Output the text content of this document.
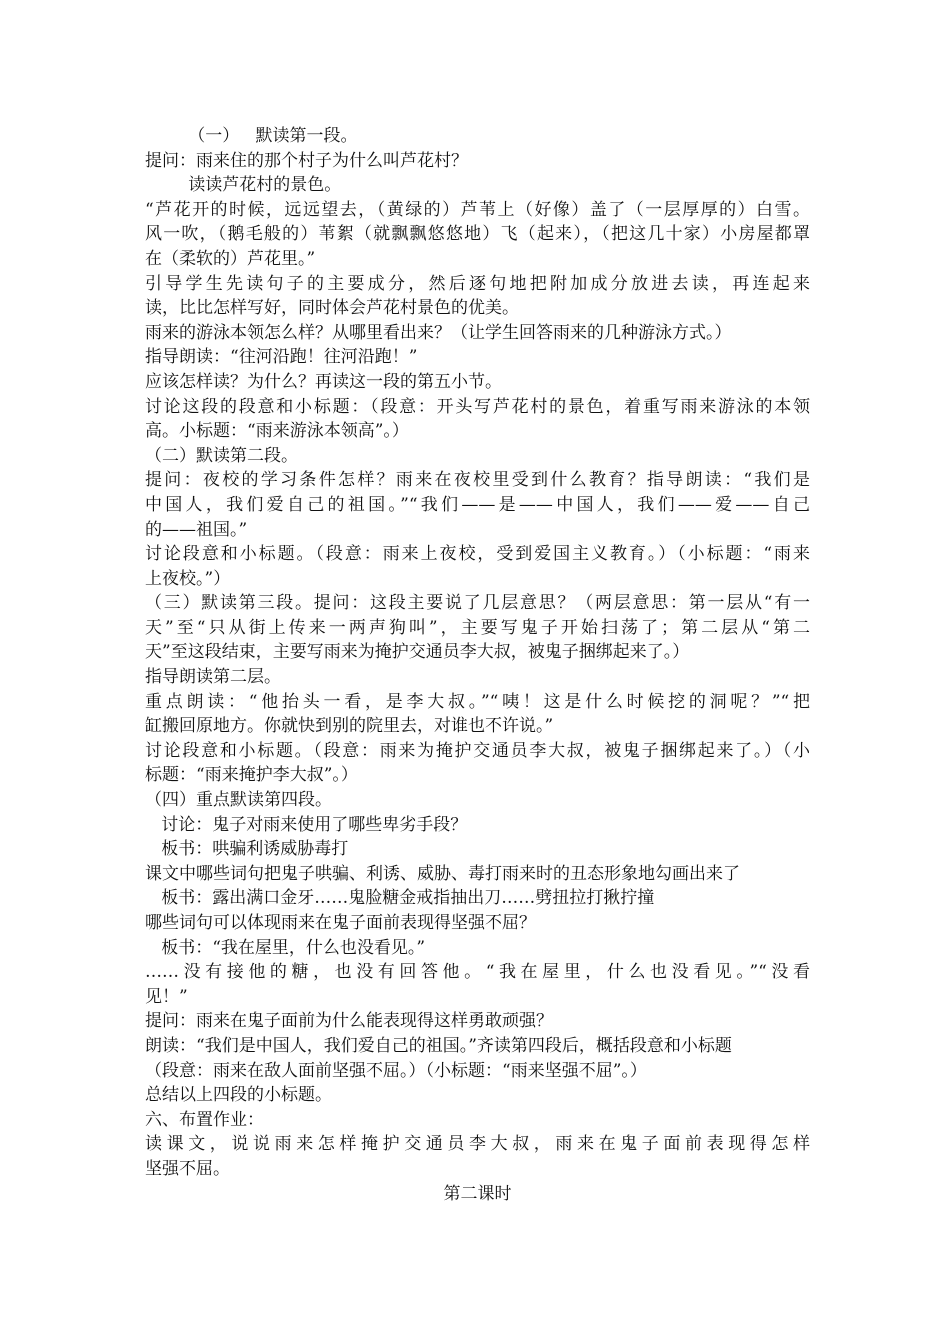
（一）   默读第一段。
提问：雨来住的那个村子为什么叫芦花村？
读读芦花村的景色。
“芦花开的时候，远远望去，（黄绿的）芦苇上（好像）盖了（一层厚厚的）白雪。
风一吹，（鹅毛般的）苇絮（就飘飘悠悠地）飞（起来），（把这几十家）小房屋都罩
在（柔软的）芦花里。”
引导学生先读句子的主要成分，然后逐句地把附加成分放进去读，再连起来
读，比比怎样写好，同时体会芦花村景色的优美。
雨来的游泳本领怎么样？从哪里看出来？（让学生回答雨来的几种游泳方式。）
指导朗读：“往河沿跑！往河沿跑！”
应该怎样读？为什么？再读这一段的第五小节。
讨论这段的段意和小标题：（段意：开头写芦花村的景色，着重写雨来游泳的本领
高。小标题：“雨来游泳本领高”。）
（二）默读第二段。
提问：夜校的学习条件怎样？雨来在夜校里受到什么教育？指导朗读：“我们是
中国人，我们爱自己的祖国。”“我们——是——中国人，我们——爱——自己
的——祖国。”
讨论段意和小标题。（段意：雨来上夜校，受到爱国主义教育。）（小标题：“雨来
上夜校。”）
（三）默读第三段。提问：这段主要说了几层意思？（两层意思：第一层从“有一
天”至“只从街上传来一两声狗叫”，主要写鬼子开始扫荡了；第二层从“第二
天”至这段结束，主要写雨来为掩护交通员李大叔，被鬼子捆绑起来了。）
指导朗读第二层。
重点朗读：“他抬头一看，是李大叔。”“咦！这是什么时候挖的洞呢？”“把
缸搬回原地方。你就快到别的院里去，对谁也不许说。”
讨论段意和小标题。（段意：雨来为掩护交通员李大叔，被鬼子捆绑起来了。）（小
标题：“雨来掩护李大叔”。）
（四）重点默读第四段。
讨论：鬼子对雨来使用了哪些卑劣手段？
板书：哄骗利诱威胁毒打
课文中哪些词句把鬼子哄骗、利诱、威胁、毒打雨来时的丑态形象地勾画出来了
板书：露出满口金牙……鬼脸糖金戒指抽出刀……劈扭拉打揪拧撞
哪些词句可以体现雨来在鬼子面前表现得坚强不屈？
板书：“我在屋里，什么也没看见。”
……没有接他的糖，也没有回答他。“我在屋里，什么也没看见。”“没看
见！”
提问：雨来在鬼子面前为什么能表现得这样勇敢顽强？
朗读：“我们是中国人，我们爱自己的祖国。”齐读第四段后，概括段意和小标题
（段意：雨来在敌人面前坚强不屈。）（小标题：“雨来坚强不屈”。）
总结以上四段的小标题。
六、布置作业：
读课文，说说雨来怎样掩护交通员李大叔，雨来在鬼子面前表现得怎样
坚强不屈。
第二课时
